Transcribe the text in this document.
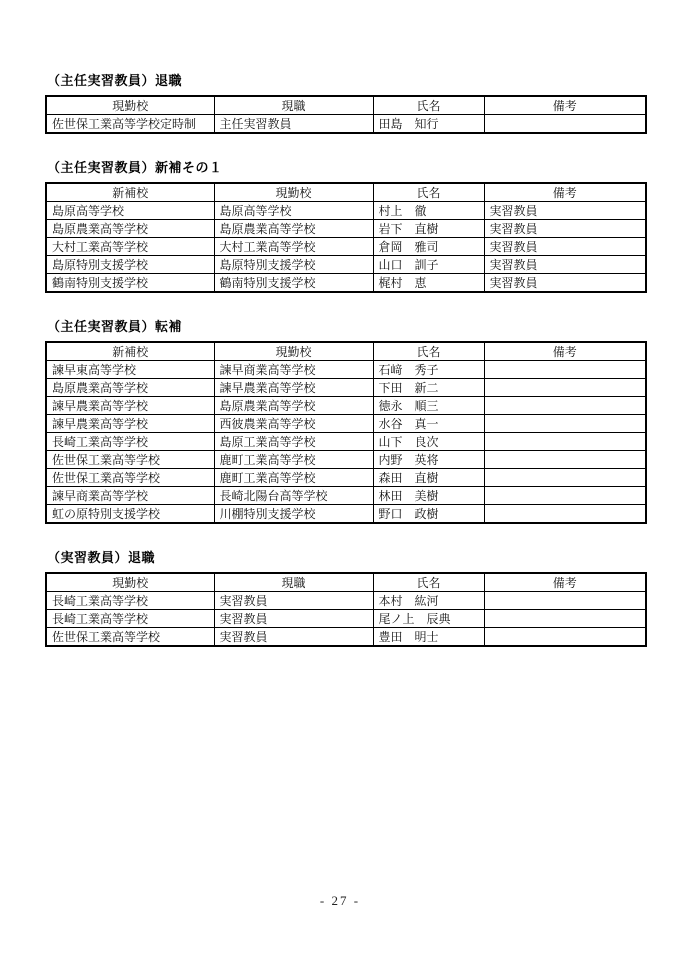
（主任実習教員）退職
現勤校	現職	氏名	備考
佐世保工業高等学校定時制	主任実習教員	田島　知行	
（主任実習教員）新補その１
新補校	現勤校	氏名	備考
島原高等学校	島原高等学校	村上　徹	実習教員
島原農業高等学校	島原農業高等学校	岩下　直樹	実習教員
大村工業高等学校	大村工業高等学校	倉岡　雅司	実習教員
島原特別支援学校	島原特別支援学校	山口　訓子	実習教員
鶴南特別支援学校	鶴南特別支援学校	梶村　恵	実習教員
（主任実習教員）転補
新補校	現勤校	氏名	備考
諫早東高等学校	諫早商業高等学校	石﨑　秀子	
島原農業高等学校	諫早農業高等学校	下田　新二	
諫早農業高等学校	島原農業高等学校	徳永　順三	
諫早農業高等学校	西彼農業高等学校	水谷　真一	
長崎工業高等学校	島原工業高等学校	山下　良次	
佐世保工業高等学校	鹿町工業高等学校	内野　英将	
佐世保工業高等学校	鹿町工業高等学校	森田　直樹	
諫早商業高等学校	長崎北陽台高等学校	林田　美樹	
虹の原特別支援学校	川棚特別支援学校	野口　政樹	
（実習教員）退職
現勤校	現職	氏名	備考
長崎工業高等学校	実習教員	本村　紘河	
長崎工業高等学校	実習教員	尾ノ上　辰典	
佐世保工業高等学校	実習教員	豊田　明士	
- 27 -
